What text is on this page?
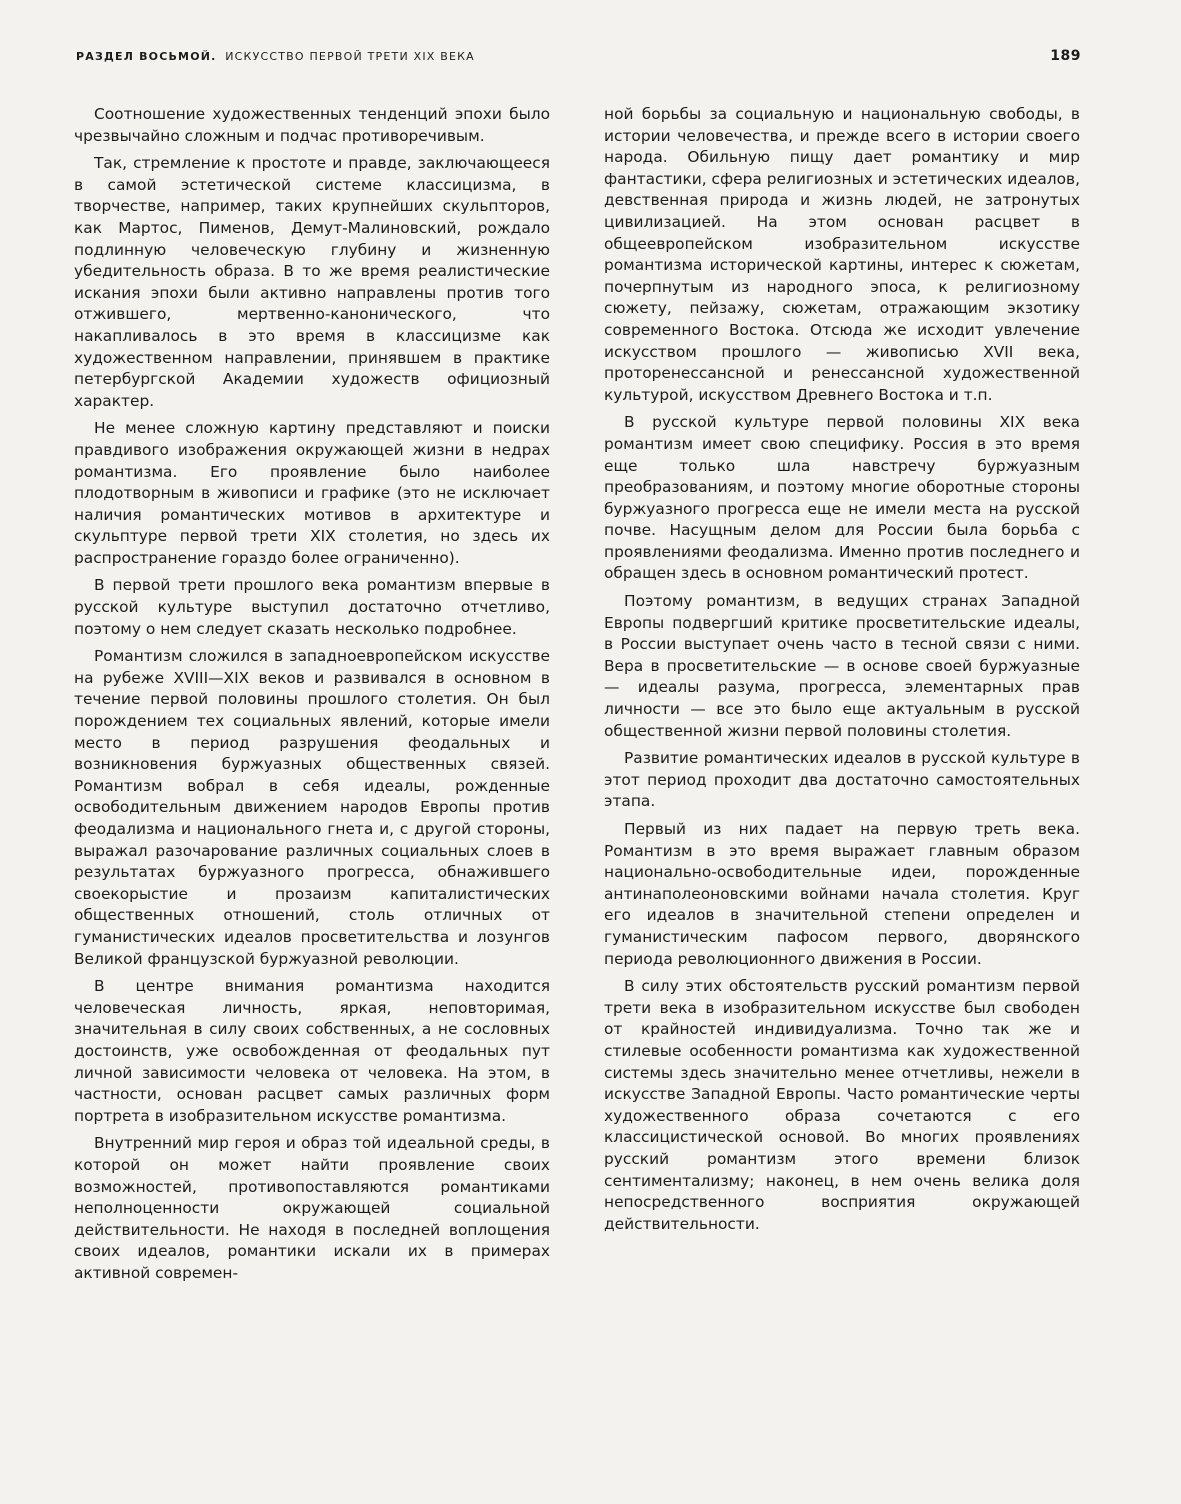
РАЗДЕЛ ВОСЬМОЙ. ИСКУССТВО ПЕРВОЙ ТРЕТИ XIX ВЕКА	189

Соотношение художественных тенденций эпохи было чрезвычайно сложным и подчас противоречивым.

Так, стремление к простоте и правде, заключающееся в самой эстетической системе классицизма, в творчестве, например, таких крупнейших скульпторов, как Мартос, Пименов, Демут-Малиновский, рождало подлинную человеческую глубину и жизненную убедительность образа. В то же время реалистические искания эпохи были активно направлены против того отжившего, мертвенно-канонического, что накапливалось в это время в классицизме как художественном направлении, принявшем в практике петербургской Академии художеств официозный характер.

Не менее сложную картину представляют и поиски правдивого изображения окружающей жизни в недрах романтизма. Его проявление было наиболее плодотворным в живописи и графике (это не исключает наличия романтических мотивов в архитектуре и скульптуре первой трети XIX столетия, но здесь их распространение гораздо более ограниченно).

В первой трети прошлого века романтизм впервые в русской культуре выступил достаточно отчетливо, поэтому о нем следует сказать несколько подробнее.

Романтизм сложился в западноевропейском искусстве на рубеже XVIII—XIX веков и развивался в основном в течение первой половины прошлого столетия. Он был порождением тех социальных явлений, которые имели место в период разрушения феодальных и возникновения буржуазных общественных связей. Романтизм вобрал в себя идеалы, рожденные освободительным движением народов Европы против феодализма и национального гнета и, с другой стороны, выражал разочарование различных социальных слоев в результатах буржуазного прогресса, обнажившего своекорыстие и прозаизм капиталистических общественных отношений, столь отличных от гуманистических идеалов просветительства и лозунгов Великой французской буржуазной революции.

В центре внимания романтизма находится человеческая личность, яркая, неповторимая, значительная в силу своих собственных, а не сословных достоинств, уже освобожденная от феодальных пут личной зависимости человека от человека. На этом, в частности, основан расцвет самых различных форм портрета в изобразительном искусстве романтизма.

Внутренний мир героя и образ той идеальной среды, в которой он может найти проявление своих возможностей, противопоставляются романтиками неполноценности окружающей социальной действительности. Не находя в последней воплощения своих идеалов, романтики искали их в примерах активной современ-

ной борьбы за социальную и национальную свободы, в истории человечества, и прежде всего в истории своего народа. Обильную пищу дает романтику и мир фантастики, сфера религиозных и эстетических идеалов, девственная природа и жизнь людей, не затронутых цивилизацией. На этом основан расцвет в общеевропейском изобразительном искусстве романтизма исторической картины, интерес к сюжетам, почерпнутым из народного эпоса, к религиозному сюжету, пейзажу, сюжетам, отражающим экзотику современного Востока. Отсюда же исходит увлечение искусством прошлого — живописью XVII века, проторенессансной и ренессансной художественной культурой, искусством Древнего Востока и т.п.

В русской культуре первой половины XIX века романтизм имеет свою специфику. Россия в это время еще только шла навстречу буржуазным преобразованиям, и поэтому многие оборотные стороны буржуазного прогресса еще не имели места на русской почве. Насущным делом для России была борьба с проявлениями феодализма. Именно против последнего и обращен здесь в основном романтический протест.

Поэтому романтизм, в ведущих странах Западной Европы подвергший критике просветительские идеалы, в России выступает очень часто в тесной связи с ними. Вера в просветительские — в основе своей буржуазные — идеалы разума, прогресса, элементарных прав личности — все это было еще актуальным в русской общественной жизни первой половины столетия.

Развитие романтических идеалов в русской культуре в этот период проходит два достаточно самостоятельных этапа.

Первый из них падает на первую треть века. Романтизм в это время выражает главным образом национально-освободительные идеи, порожденные антинаполеоновскими войнами начала столетия. Круг его идеалов в значительной степени определен и гуманистическим пафосом первого, дворянского периода революционного движения в России.

В силу этих обстоятельств русский романтизм первой трети века в изобразительном искусстве был свободен от крайностей индивидуализма. Точно так же и стилевые особенности романтизма как художественной системы здесь значительно менее отчетливы, нежели в искусстве Западной Европы. Часто романтические черты художественного образа сочетаются с его классицистической основой. Во многих проявлениях русский романтизм этого времени близок сентиментализму; наконец, в нем очень велика доля непосредственного восприятия окружающей действительности.
